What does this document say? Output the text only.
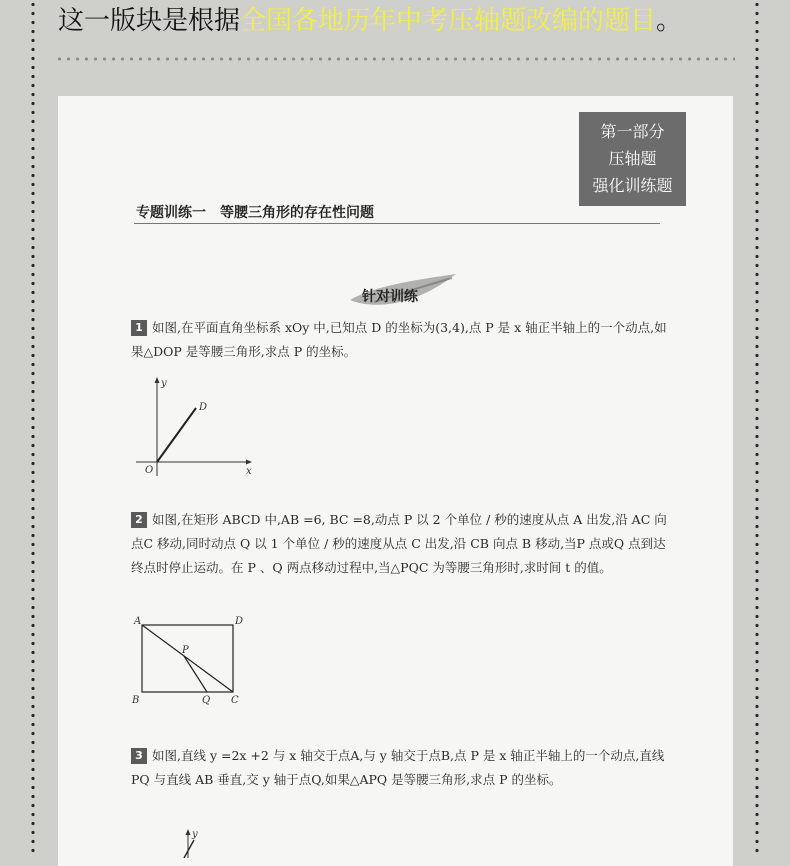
这一版块是根据全国各地历年中考压轴题改编的题目。
第一部分
压轴题
强化训练题
专题训练一　等腰三角形的存在性问题
针对训练
1 如图,在平面直角坐标系 xOy 中,已知点 D 的坐标为(3,4),点 P 是 x 轴正半轴上的一个动点,如果△DOP 是等腰三角形,求点 P 的坐标。
y
x
O
D
2 如图,在矩形 ABCD 中,AB =6, BC =8,动点 P 以 2 个单位 / 秒的速度从点 A 出发,沿 AC 向点C 移动,同时动点 Q 以 1 个单位 / 秒的速度从点 C 出发,沿 CB 向点 B 移动,当P 点或Q 点到达终点时停止运动。在 P 、Q 两点移动过程中,当△PQC 为等腰三角形时,求时间 t 的值。
A	D
B	C
P
Q
3 如图,直线 y =2x +2 与 x 轴交于点A,与 y 轴交于点B,点 P 是 x 轴正半轴上的一个动点,直线 PQ 与直线 AB 垂直,交 y 轴于点Q,如果△APQ 是等腰三角形,求点 P 的坐标。
y
